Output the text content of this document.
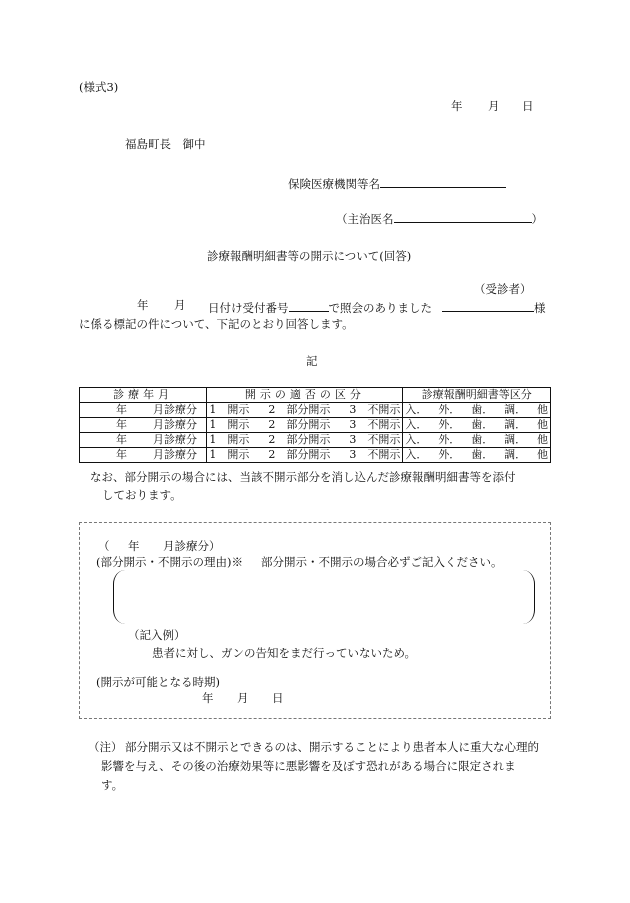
(様式3)
年 月 日
福島町長　御中
保険医療機関等名
（主治医名	）
診療報酬明細書等の開示について(回答)
（受診者）
年 月 日付け受付番号	で照会のありました	様
に係る標記の件について、下記のとおり回答します。
記
診療年月	開示の適否の区分	診療報酬明細書等区分
年 月診療分	1　開示 2　部分開示 3　不開示	入． 外． 歯． 調． 他

年 月診療分	1　開示 2　部分開示 3　不開示	入． 外． 歯． 調． 他

年 月診療分	1　開示 2　部分開示 3　不開示	入． 外． 歯． 調． 他

年 月診療分	1　開示 2　部分開示 3　不開示	入． 外． 歯． 調． 他
なお、部分開示の場合には、当該不開示部分を消し込んだ診療報酬明細書等を添付
しております。
（ 年 月診療分）
(部分開示・不開示の理由)※ 部分開示・不開示の場合必ずご記入ください。
（記入例）
患者に対し、ガンの告知をまだ行っていないため。
(開示が可能となる時期)
年 月 日
（注） 部分開示又は不開示とできるのは、開示することにより患者本人に重大な心理的
影響を与え、その後の治療効果等に悪影響を及ぼす恐れがある場合に限定されま
す。
